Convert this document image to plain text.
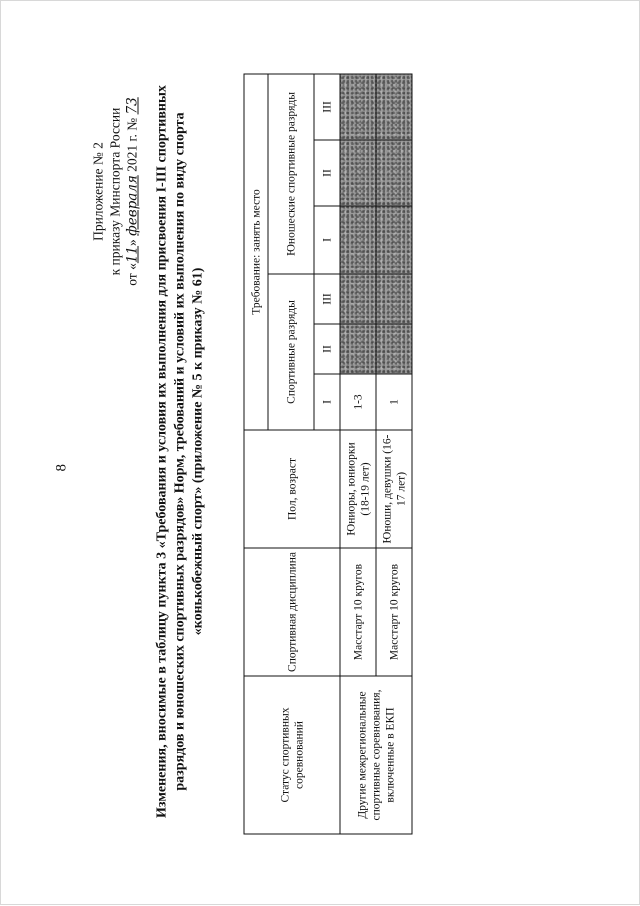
8
Приложение № 2 к приказу Минспорта России от «11» февраля 2021 г. № 73 Изменения, вносимые в таблицу пункта 3 «Требования и условия их выполнения для присвоения I-III спортивных разрядов и юношеских спортивных разрядов» Норм, требований и условий их выполнения по виду спорта «конькобежный спорт» (приложение № 5 к приказу № 61)
Статус спортивных соревнований	Спортивная дисциплина	Пол, возраст	Требование: занять место					
			Спортивные разряды			Юношеские спортивные разряды		
			I	II	III	I	II	III
Другие межрегиональные спортивные соревнования, включенные в ЕКП	Масстарт 10 кругов	Юниоры, юниорки (18-19 лет)	1-3					
	Масстарт 10 кругов	Юноши, девушки (16-17 лет)	1					
